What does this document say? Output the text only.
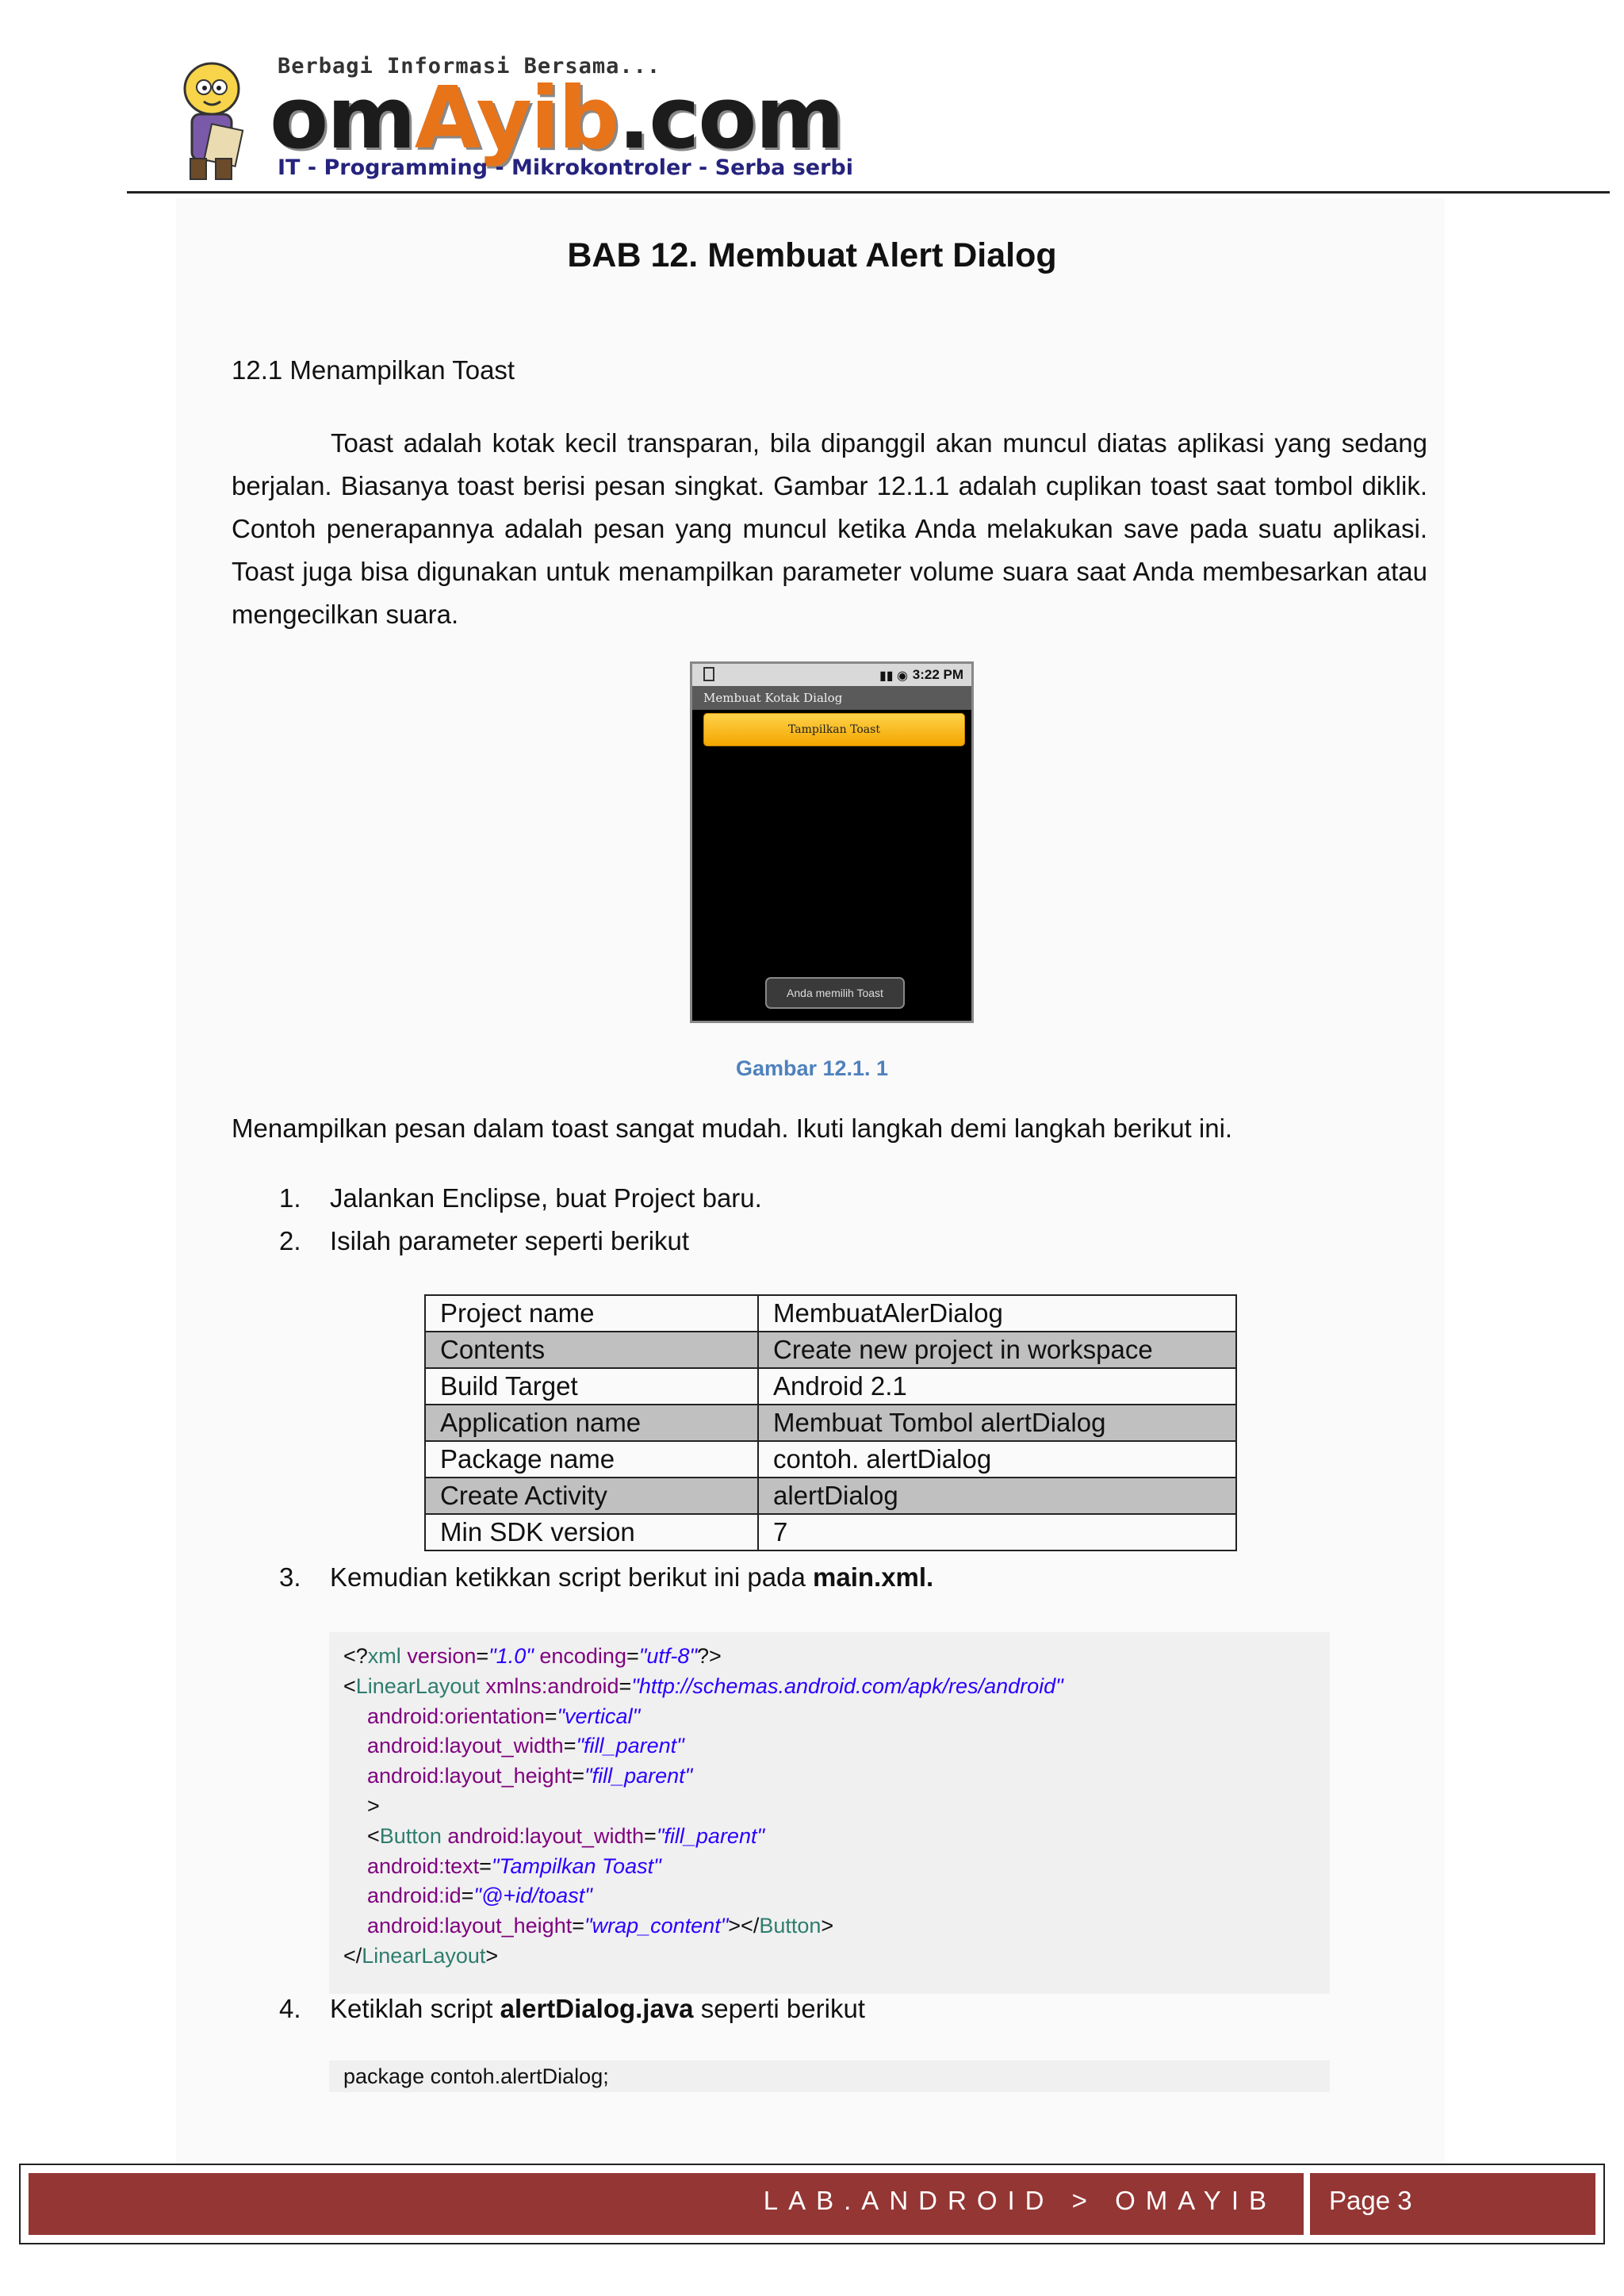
Berbagi Informasi Bersama...
omAyib.com
IT - Programming - Mikrokontroler - Serba serbi
BAB 12. Membuat Alert Dialog
12.1 Menampilkan Toast

Toast adalah kotak kecil transparan, bila dipanggil akan muncul diatas aplikasi yang sedang berjalan. Biasanya toast berisi pesan singkat. Gambar 12.1.1 adalah cuplikan toast saat tombol diklik. Contoh penerapannya adalah pesan yang muncul ketika Anda melakukan save pada suatu aplikasi. Toast juga bisa digunakan untuk menampilkan parameter volume suara saat Anda membesarkan atau mengecilkan suara.

▮▮ ◉ 3:22 PM
Membuat Kotak Dialog
Tampilkan Toast
Anda memilih Toast
Gambar 12.1. 1
Menampilkan pesan dalam toast sangat mudah. Ikuti langkah demi langkah berikut ini.
1. Jalankan Enclipse, buat Project baru.
2. Isilah parameter seperti berikut
Project name	MembuatAlerDialog
Contents	Create new project in workspace
Build Target	Android 2.1
Application name	Membuat Tombol alertDialog
Package name	contoh. alertDialog
Create Activity	alertDialog
Min SDK version	7
3. Kemudian ketikkan script berikut ini pada main.xml.
<?xml version="1.0" encoding="utf-8"?>
<LinearLayout xmlns:android="http://schemas.android.com/apk/res/android"
android:orientation="vertical"
android:layout_width="fill_parent"
android:layout_height="fill_parent"
>
<Button android:layout_width="fill_parent"
android:text="Tampilkan Toast"
android:id="@+id/toast"
android:layout_height="wrap_content"></Button>
</LinearLayout>
4. Ketiklah script alertDialog.java seperti berikut
package contoh.alertDialog;
LAB.ANDROID > OMAYIB Page 3
